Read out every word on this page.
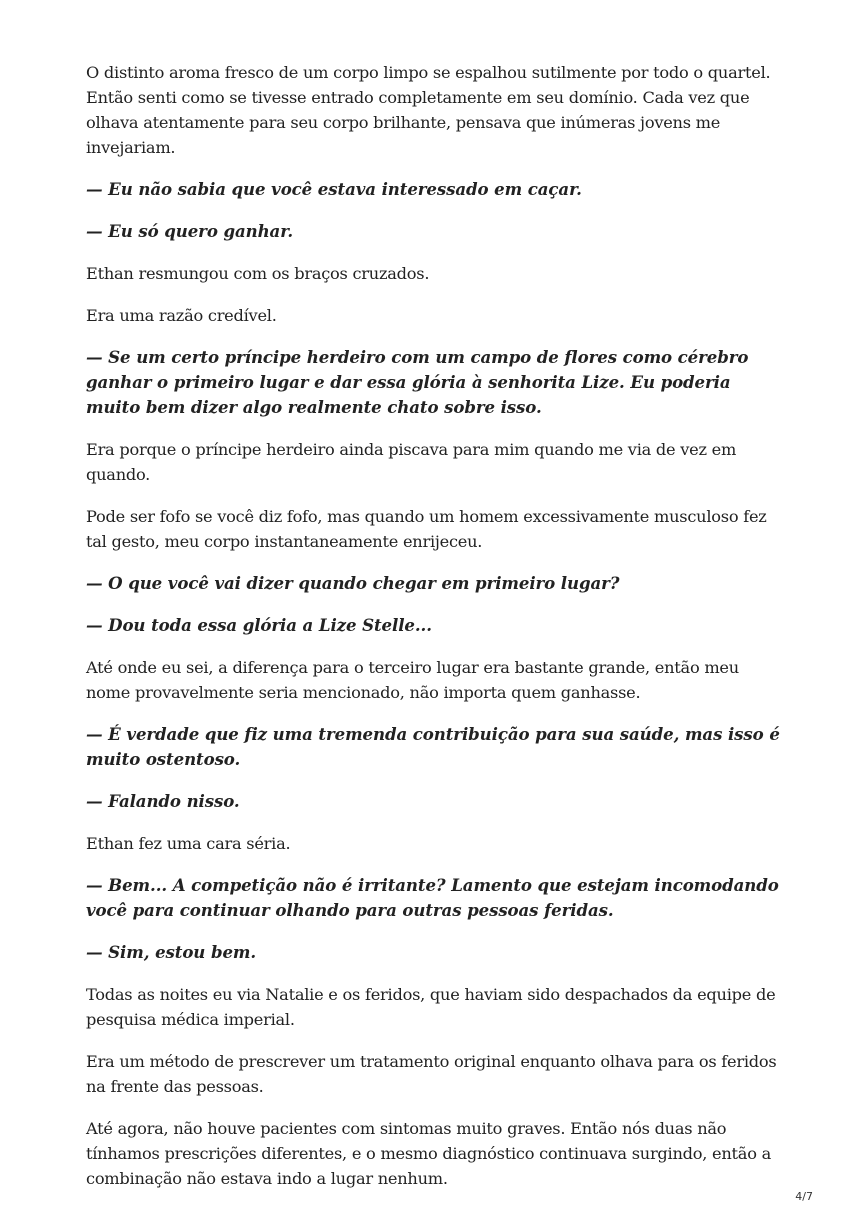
O distinto aroma fresco de um corpo limpo se espalhou sutilmente por todo o quartel. Então senti como se tivesse entrado completamente em seu domínio. Cada vez que olhava atentamente para seu corpo brilhante, pensava que inúmeras jovens me invejariam.

— Eu não sabia que você estava interessado em caçar.

— Eu só quero ganhar.

Ethan resmungou com os braços cruzados.

Era uma razão credível.

— Se um certo príncipe herdeiro com um campo de flores como cérebro ganhar o primeiro lugar e dar essa glória à senhorita Lize. Eu poderia muito bem dizer algo realmente chato sobre isso.

Era porque o príncipe herdeiro ainda piscava para mim quando me via de vez em quando.

Pode ser fofo se você diz fofo, mas quando um homem excessivamente musculoso fez tal gesto, meu corpo instantaneamente enrijeceu.

— O que você vai dizer quando chegar em primeiro lugar?

— Dou toda essa glória a Lize Stelle...

Até onde eu sei, a diferença para o terceiro lugar era bastante grande, então meu nome provavelmente seria mencionado, não importa quem ganhasse.

— É verdade que fiz uma tremenda contribuição para sua saúde, mas isso é muito ostentoso.

— Falando nisso.

Ethan fez uma cara séria.

— Bem... A competição não é irritante? Lamento que estejam incomodando você para continuar olhando para outras pessoas feridas.

— Sim, estou bem.

Todas as noites eu via Natalie e os feridos, que haviam sido despachados da equipe de pesquisa médica imperial.

Era um método de prescrever um tratamento original enquanto olhava para os feridos na frente das pessoas.

Até agora, não houve pacientes com sintomas muito graves. Então nós duas não tínhamos prescrições diferentes, e o mesmo diagnóstico continuava surgindo, então a combinação não estava indo a lugar nenhum.

4/7
